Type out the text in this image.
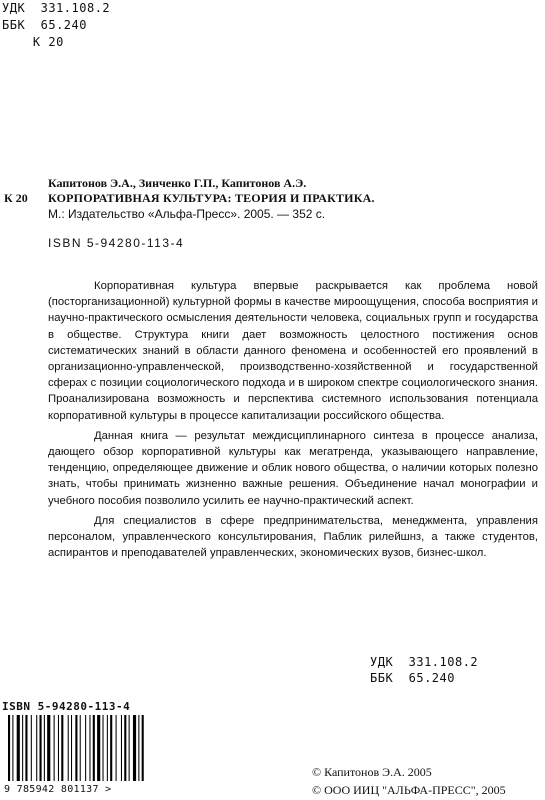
УДК  331.108.2
ББК  65.240
К 20
Капитонов Э.А., Зинченко Г.П., Капитонов А.Э.
К 20 КОРПОРАТИВНАЯ КУЛЬТУРА: ТЕОРИЯ И ПРАКТИКА.
М.: Издательство «Альфа-Пресс». 2005. — 352 с.
ISBN 5-94280-113-4

Корпоративная культура впервые раскрывается как проблема новой (посторганизационной) культурной формы в качестве мироощущения, способа восприятия и научно-практического осмысления деятельности человека, социальных групп и государства в обществе. Структура книги дает возможность целостного постижения основ систематических знаний в области данного феномена и особенностей его проявлений в организационно-управленческой, производственно-хозяйственной и государственной сферах с позиции социологического подхода и в широком спектре социологического знания. Проанализирована возможность и перспектива системного использования потенциала корпоративной культуры в процессе капитализации российского общества.

Данная книга — результат междисциплинарного синтеза в процессе анализа, дающего обзор корпоративной культуры как мегатренда, указывающего направление, тенденцию, определяющее движение и облик нового общества, о наличии которых полезно знать, чтобы принимать жизненно важные решения. Объединение начал монографии и учебного пособия позволило усилить ее научно-практический аспект.

Для специалистов в сфере предпринимательства, менеджмента, управления персоналом, управленческого консультирования, Паблик рилейшнз, а также студентов, аспирантов и преподавателей управленческих, экономических вузов, бизнес-школ.

УДК  331.108.2
ББК  65.240
ISBN 5-94280-113-4
9 785942 801137 >
© Капитонов Э.А. 2005
© ООО ИИЦ "АЛЬФА-ПРЕСС", 2005
